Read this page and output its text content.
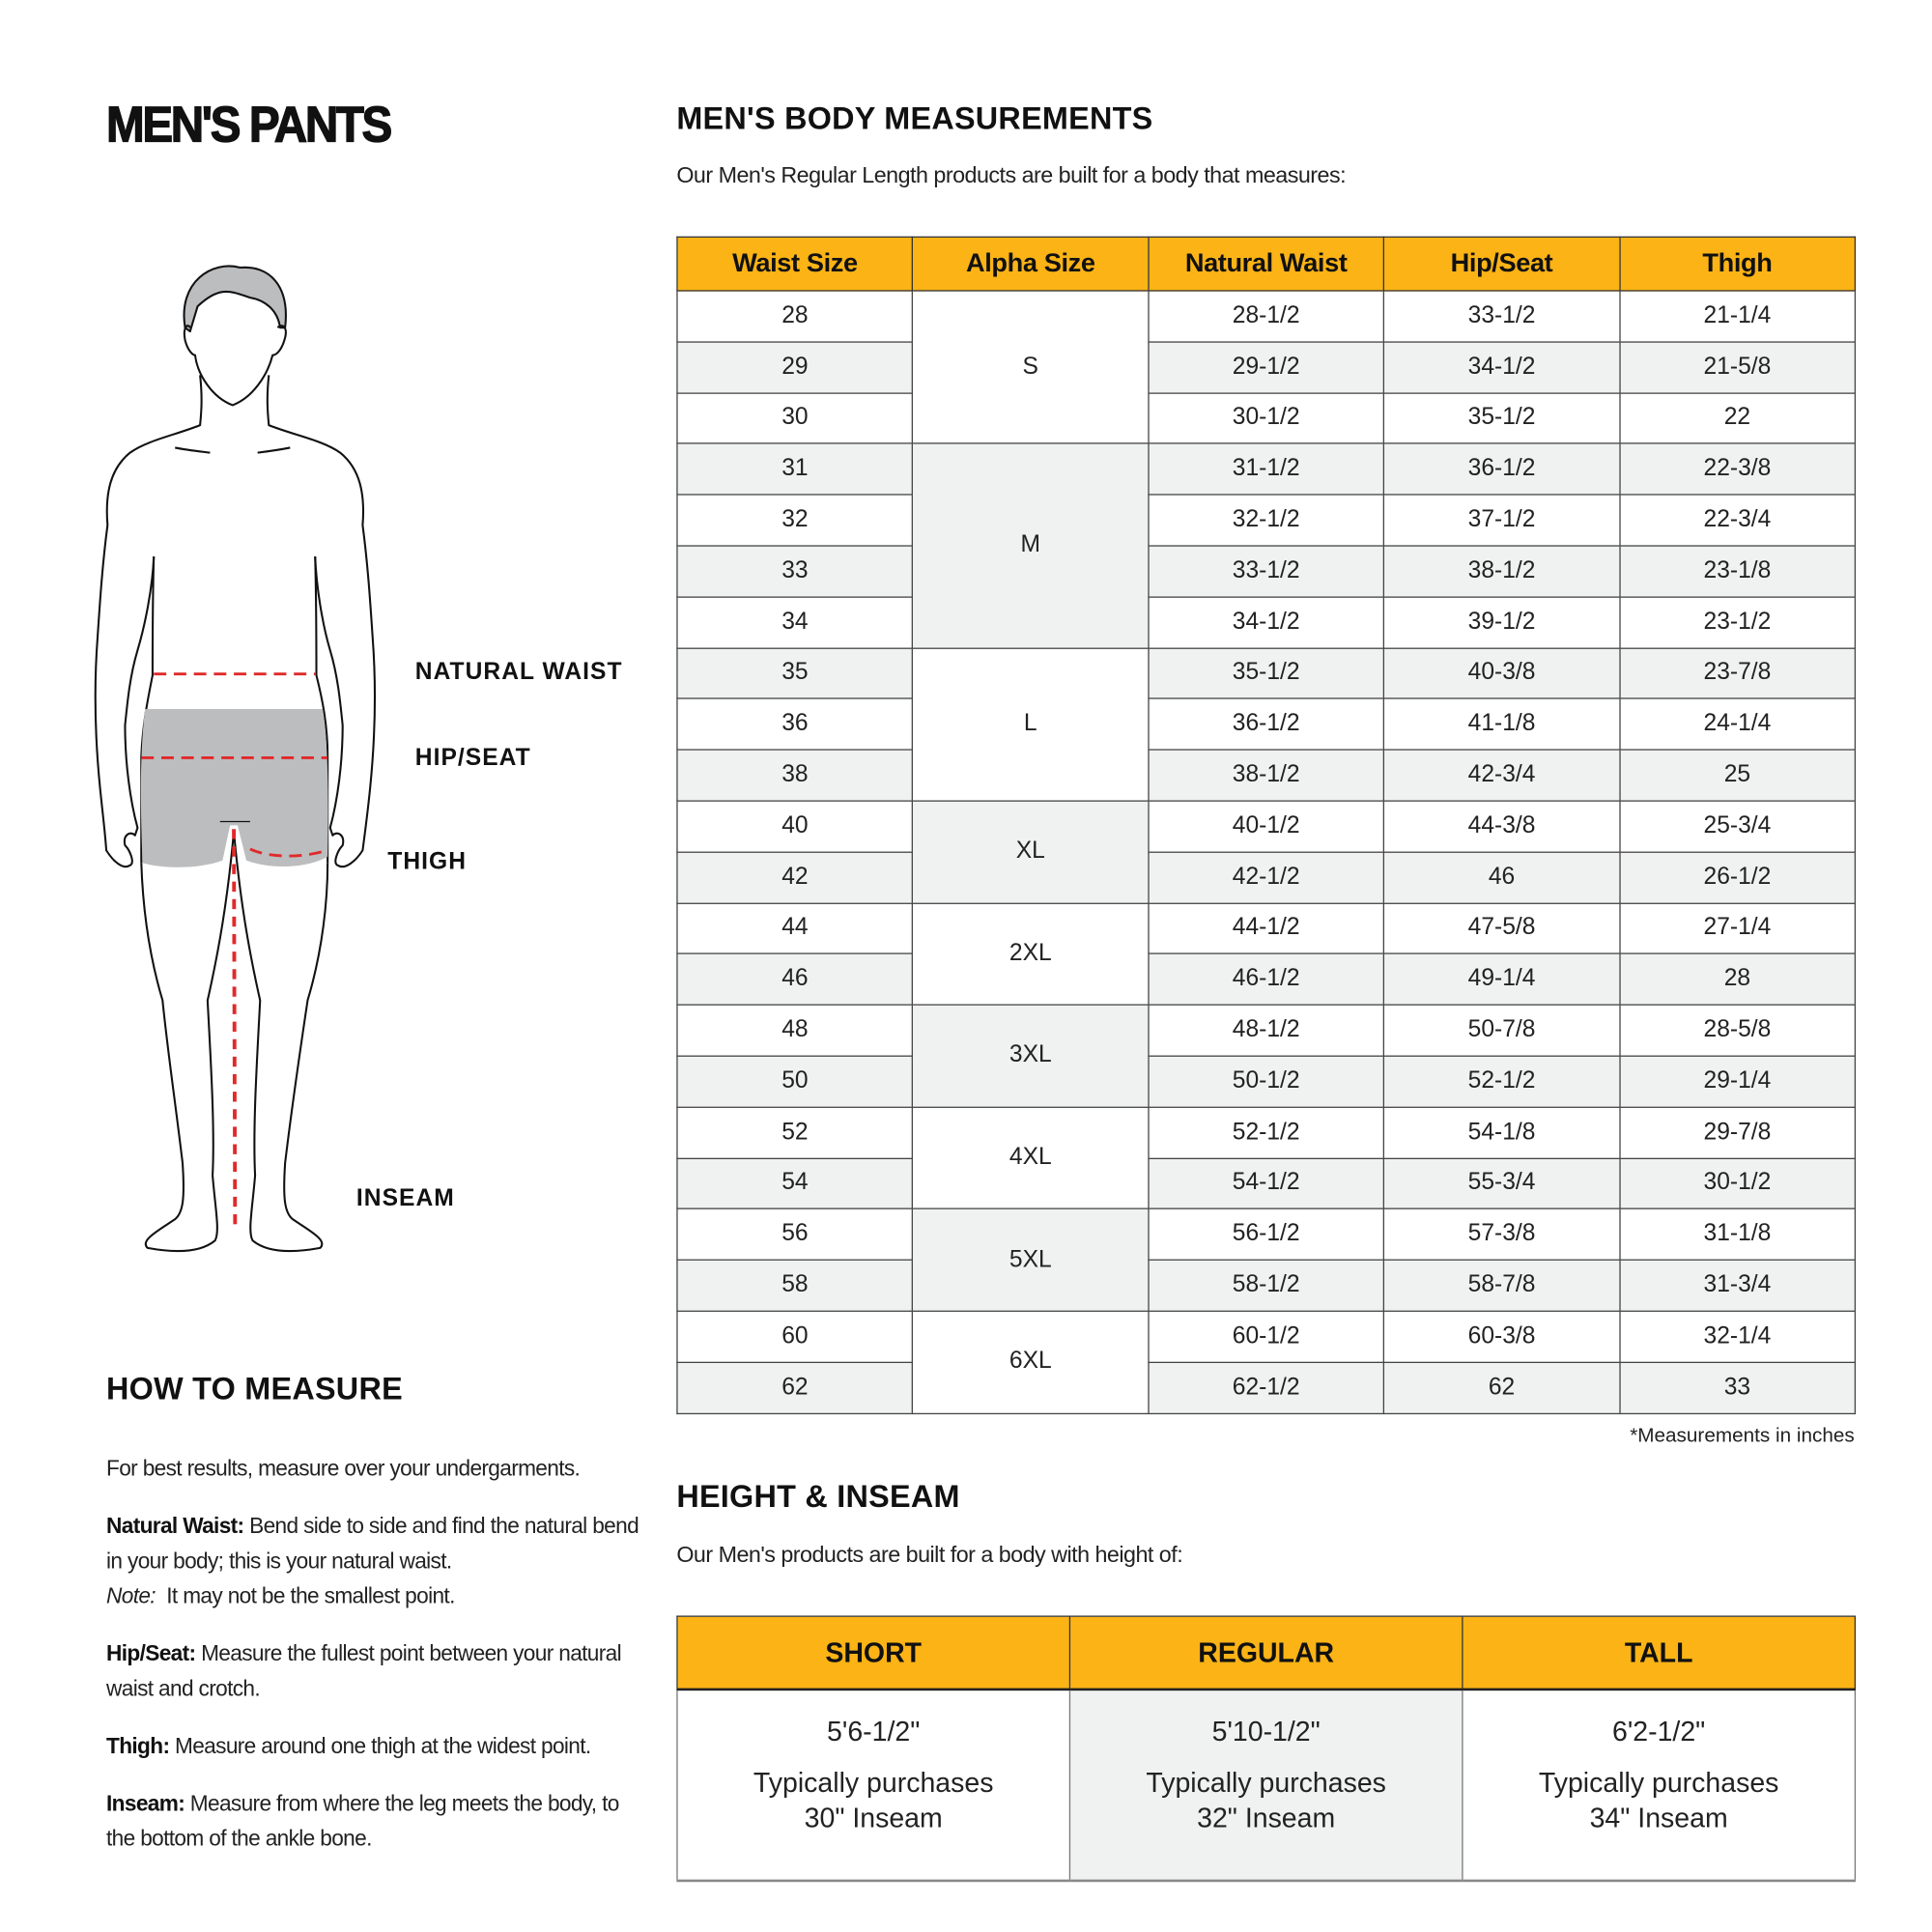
MEN'S PANTS
NATURAL WAIST
HIP/SEAT
THIGH
INSEAM
HOW TO MEASURE

For best results, measure over your undergarments.

Natural Waist: Bend side to side and find the natural bend in your body; this is your natural waist.
Note: It may not be the smallest point.

Hip/Seat: Measure the fullest point between your natural waist and crotch.

Thigh: Measure around one thigh at the widest point.

Inseam: Measure from where the leg meets the body, to the bottom of the ankle bone.

MEN'S BODY MEASUREMENTS
Our Men's Regular Length products are built for a body that measures:
Waist Size	Alpha Size	Natural Waist	Hip/Seat	Thigh
28	S	28-1/2	33-1/2	21-1/4
29		29-1/2	34-1/2	21-5/8
30		30-1/2	35-1/2	22
31	M	31-1/2	36-1/2	22-3/8
32		32-1/2	37-1/2	22-3/4
33		33-1/2	38-1/2	23-1/8
34		34-1/2	39-1/2	23-1/2
35	L	35-1/2	40-3/8	23-7/8
36		36-1/2	41-1/8	24-1/4
38		38-1/2	42-3/4	25
40	XL	40-1/2	44-3/8	25-3/4
42		42-1/2	46	26-1/2
44	2XL	44-1/2	47-5/8	27-1/4
46		46-1/2	49-1/4	28
48	3XL	48-1/2	50-7/8	28-5/8
50		50-1/2	52-1/2	29-1/4
52	4XL	52-1/2	54-1/8	29-7/8
54		54-1/2	55-3/4	30-1/2
56	5XL	56-1/2	57-3/8	31-1/8
58		58-1/2	58-7/8	31-3/4
60	6XL	60-1/2	60-3/8	32-1/4
62		62-1/2	62	33
*Measurements in inches
HEIGHT & INSEAM
Our Men's products are built for a body with height of:
SHORT	REGULAR	TALL

5'6-1/2"
Typically purchases
30" Inseam	5'10-1/2"
Typically purchases
32" Inseam	6'2-1/2"
Typically purchases
34" Inseam
